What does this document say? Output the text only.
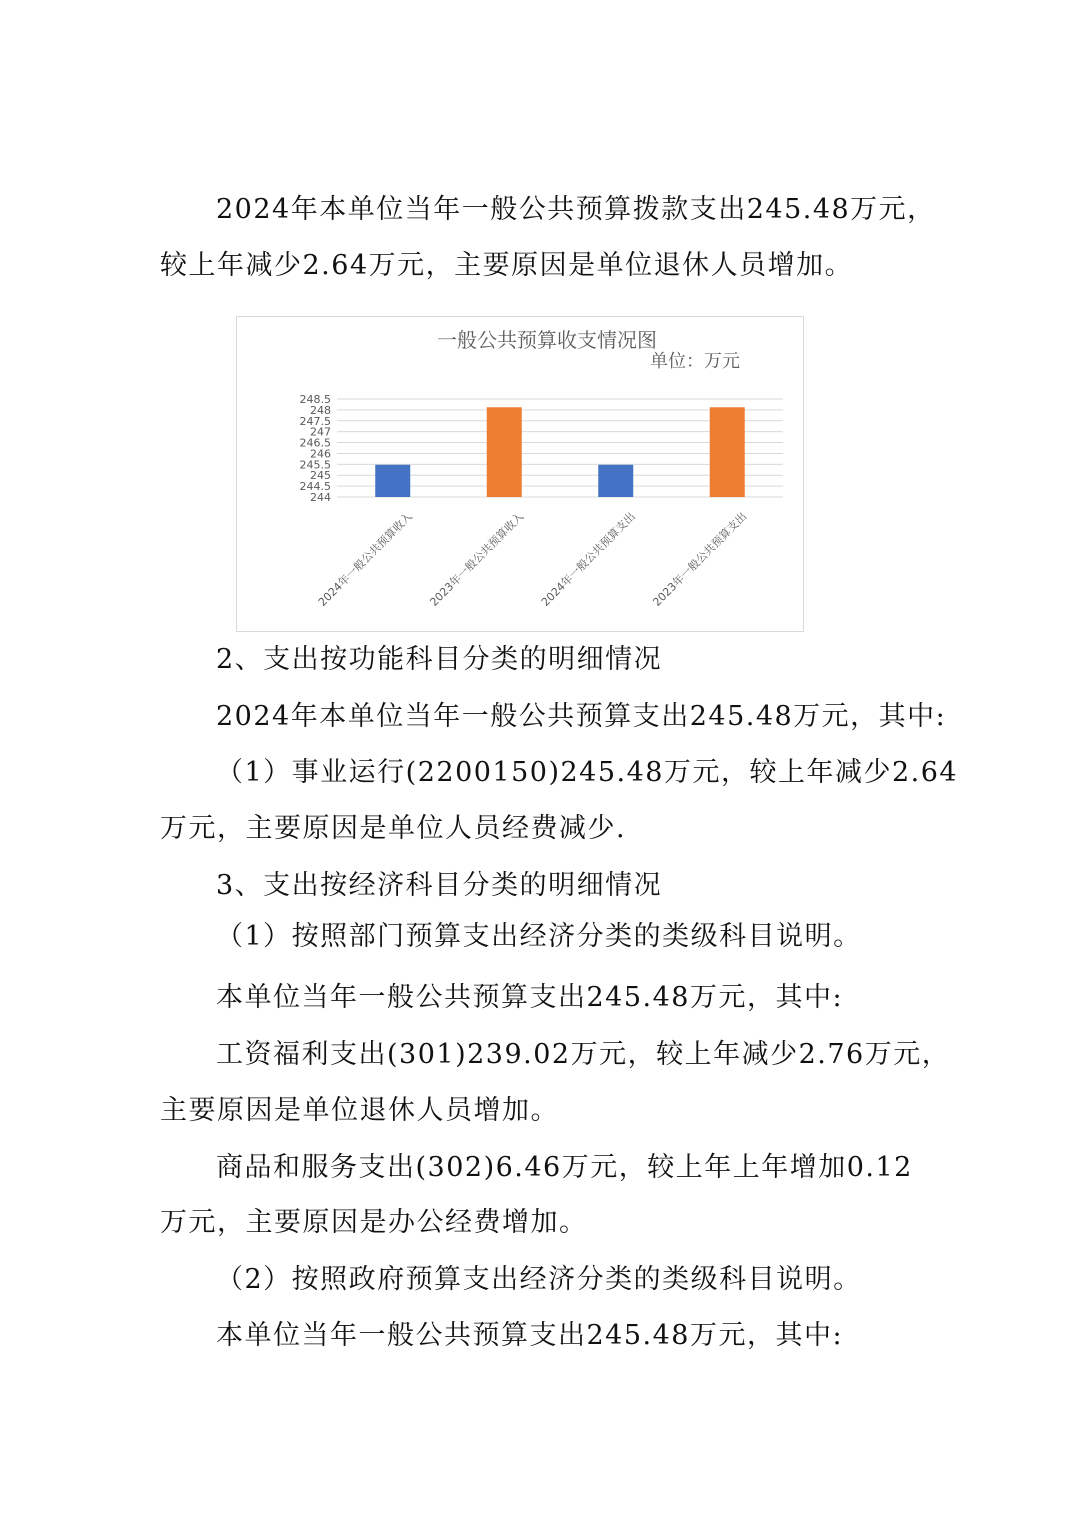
2024年本单位当年一般公共预算拨款支出245.48万元，
较上年减少2.64万元，主要原因是单位退休人员增加。
一般公共预算收支情况图
单位：万元
248.5
248
247.5
247
246.5
246
245.5
245
244.5
244
2024年一般公共预算收入 2023年一般公共预算收入 2024年一般公共预算支出 2023年一般公共预算支出
2、支出按功能科目分类的明细情况
2024年本单位当年一般公共预算支出245.48万元，其中:
（1）事业运行(2200150)245.48万元，较上年减少2.64
万元，主要原因是单位人员经费减少.
3、支出按经济科目分类的明细情况
（1）按照部门预算支出经济分类的类级科目说明。
本单位当年一般公共预算支出245.48万元，其中:
工资福利支出(301)239.02万元，较上年减少2.76万元，
主要原因是单位退休人员增加。
商品和服务支出(302)6.46万元，较上年上年增加0.12
万元，主要原因是办公经费增加。
（2）按照政府预算支出经济分类的类级科目说明。
本单位当年一般公共预算支出245.48万元，其中:
